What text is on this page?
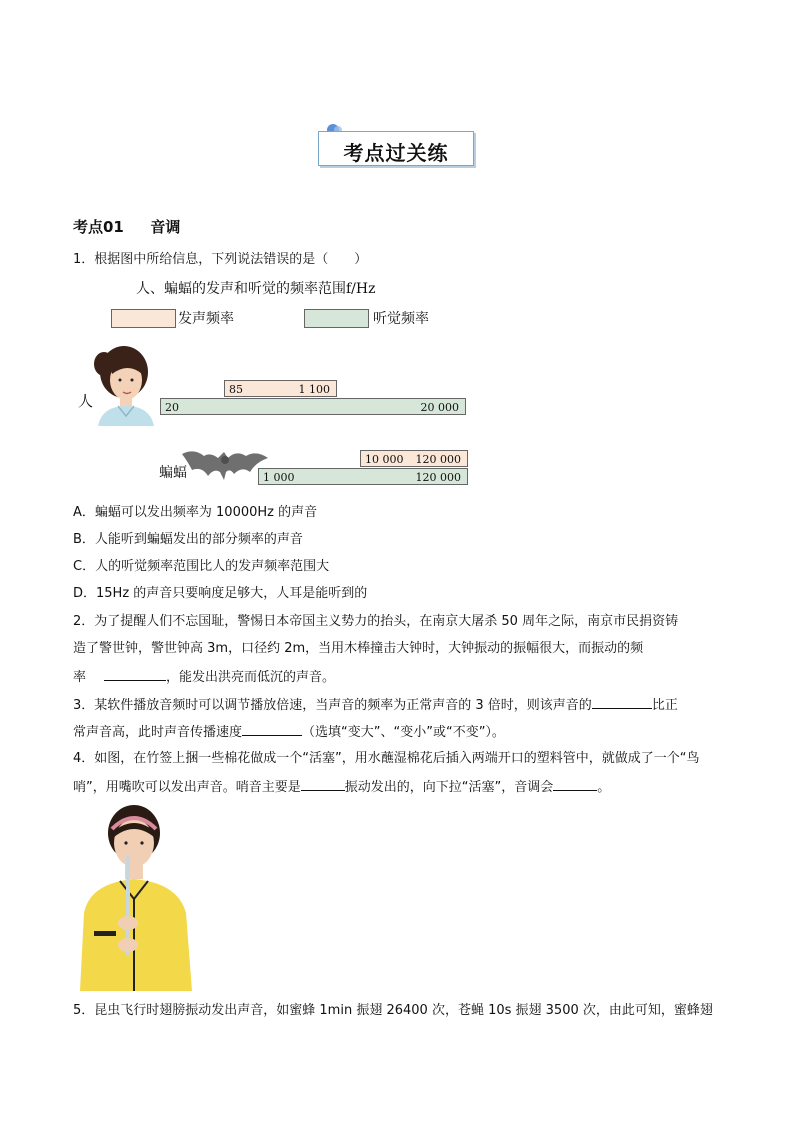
考点过关练
考点01 音调
1．根据图中所给信息，下列说法错误的是（　　）
人、蝙蝠的发声和听觉的频率范围f/Hz
发声频率	听觉频率
人
85	1 100
20	20 000
蝙蝠
10 000 120 000
1 000	120 000
A．蝙蝠可以发出频率为 10000Hz 的声音
B．人能听到蝙蝠发出的部分频率的声音
C．人的听觉频率范围比人的发声频率范围大
D．15Hz 的声音只要响度足够大，人耳是能听到的
2．为了提醒人们不忘国耻，警惕日本帝国主义势力的抬头，在南京大屠杀 50 周年之际，南京市民捐资铸
造了警世钟，警世钟高 3m，口径约 2m，当用木棒撞击大钟时，大钟振动的振幅很大，而振动的频
率	，能发出洪亮而低沉的声音。
3．某软件播放音频时可以调节播放倍速，当声音的频率为正常声音的 3 倍时，则该声音的	比正
常声音高，此时声音传播速度	（选填“变大”、“变小”或“不变”）。
4．如图，在竹签上捆一些棉花做成一个“活塞”，用水蘸湿棉花后插入两端开口的塑料管中，就做成了一个“鸟
哨”，用嘴吹可以发出声音。哨音主要是	振动发出的，向下拉“活塞”，音调会	。
5．昆虫飞行时翅膀振动发出声音，如蜜蜂 1min 振翅 26400 次，苍蝇 10s 振翅 3500 次，由此可知，蜜蜂翅
